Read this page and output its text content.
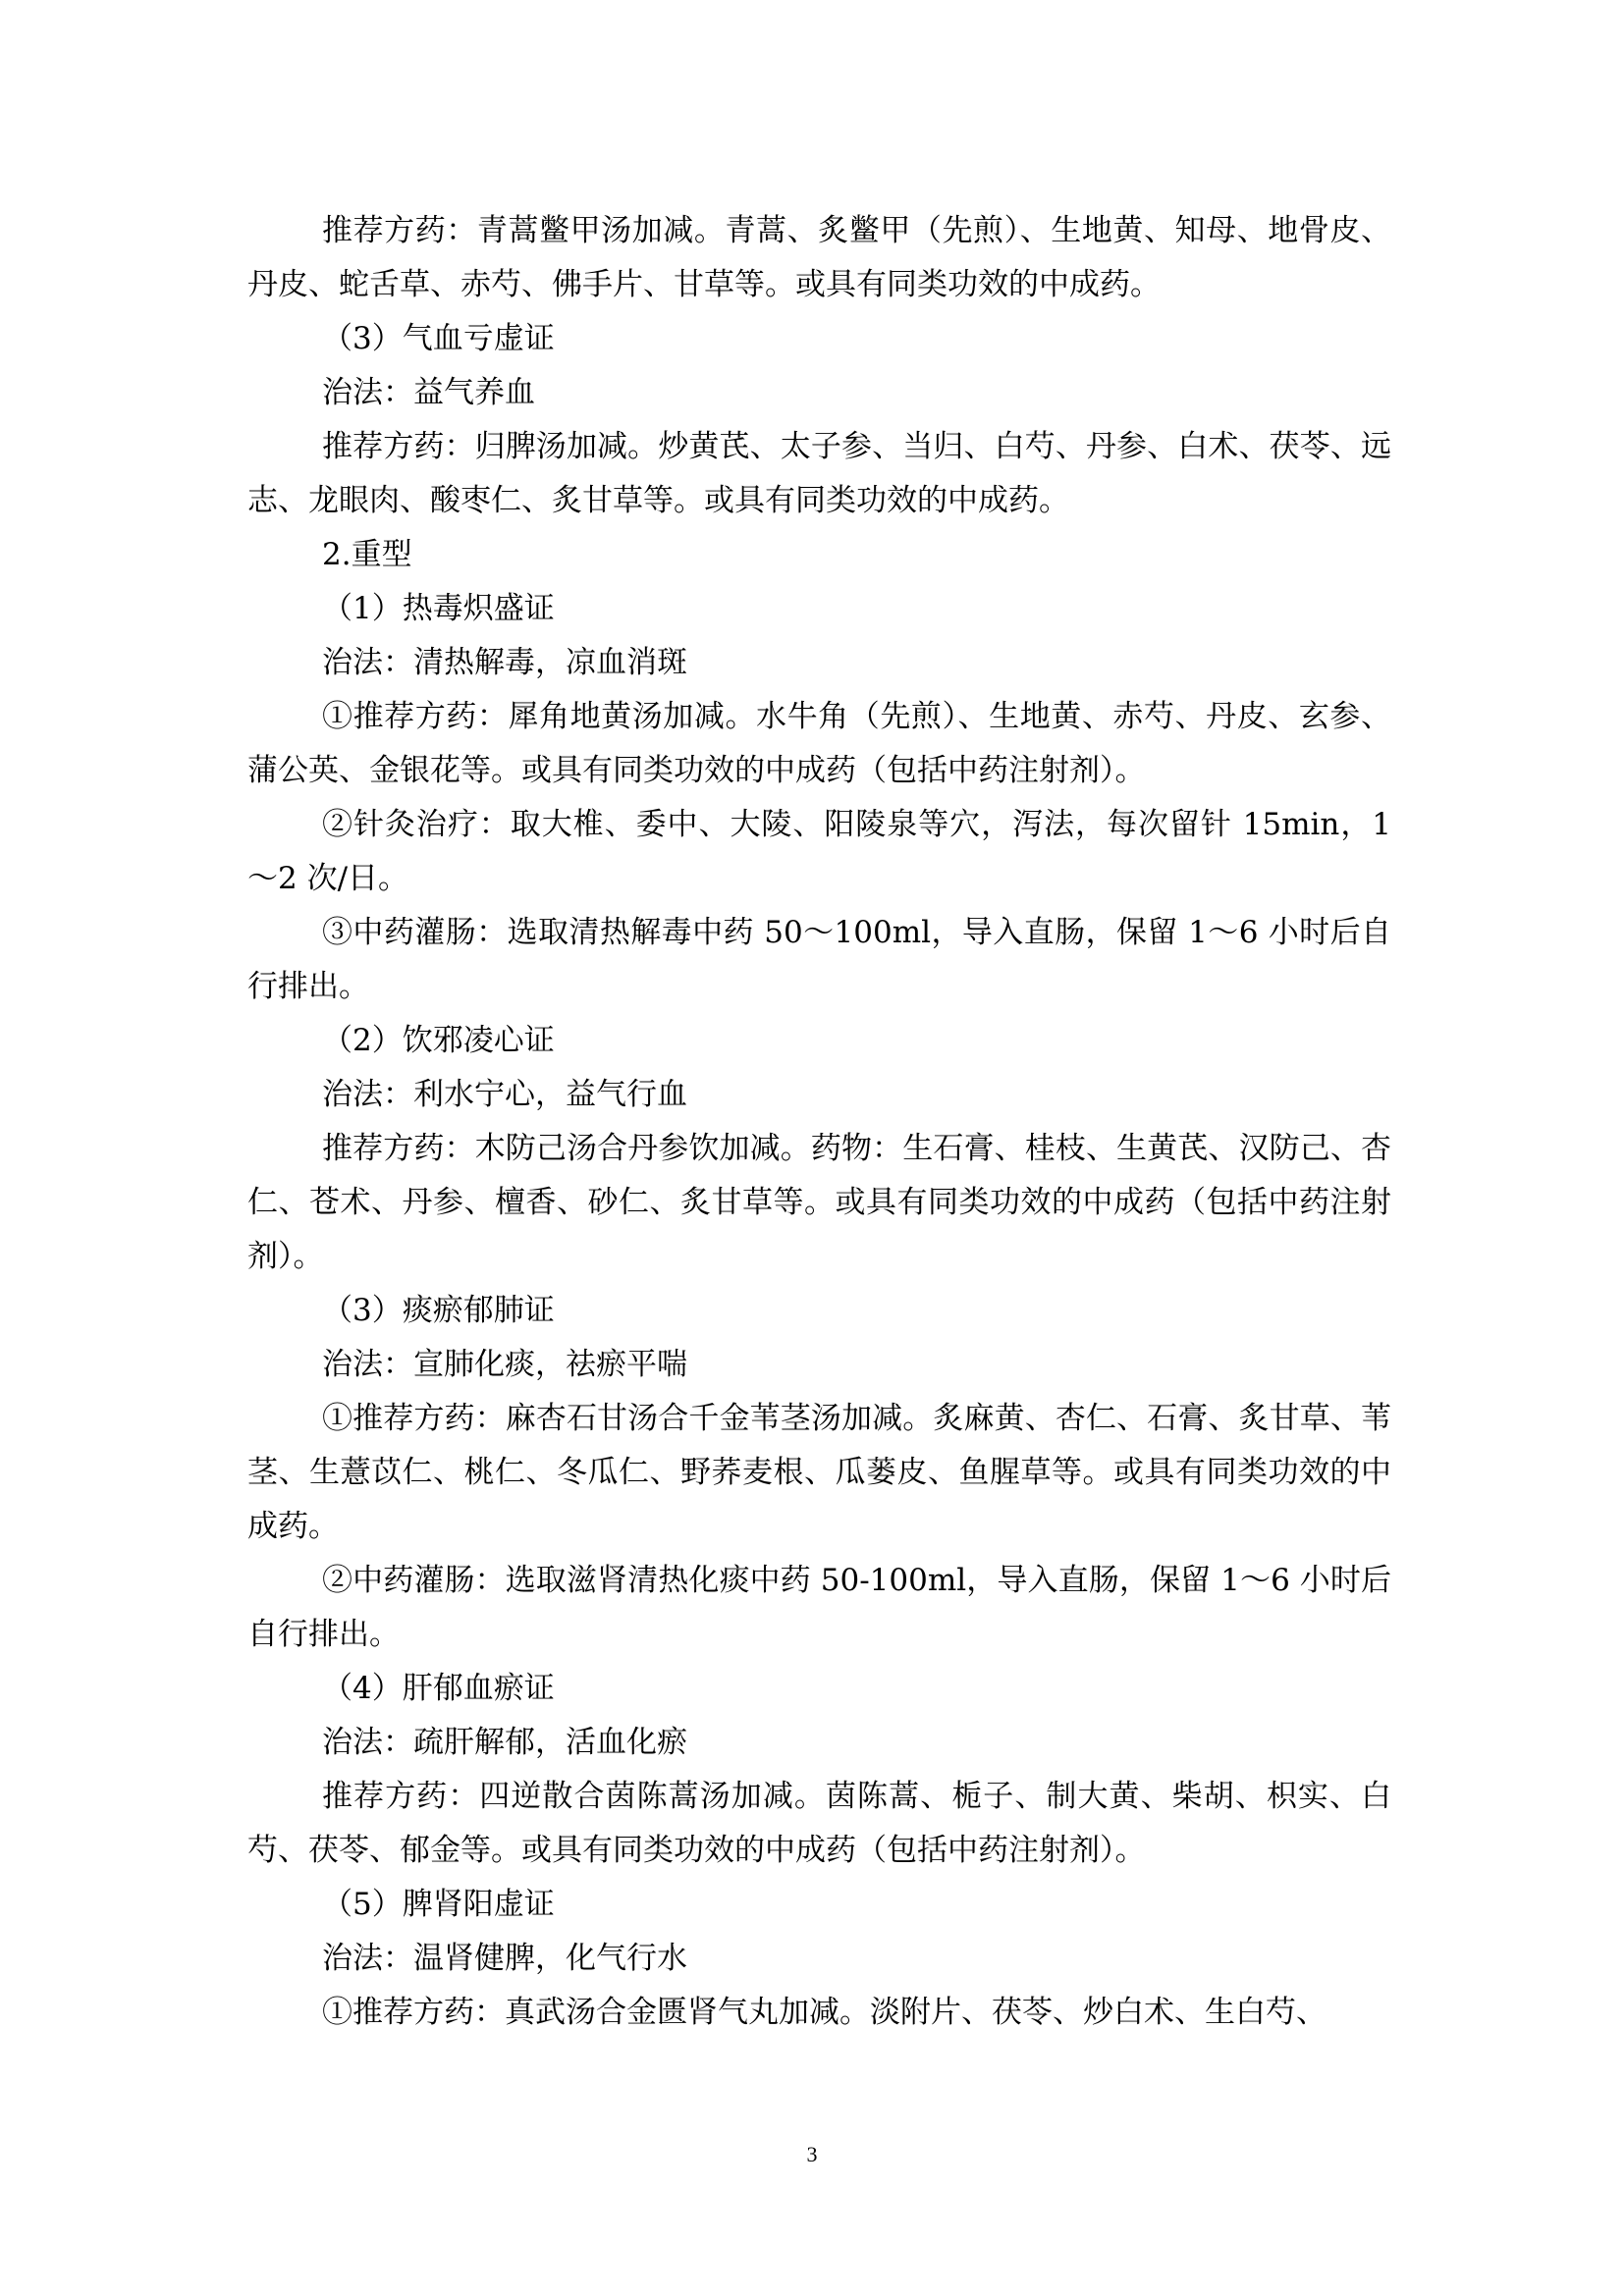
推荐方药：青蒿鳖甲汤加减。青蒿、炙鳖甲（先煎）、生地黄、知母、地骨皮、丹皮、蛇舌草、赤芍、佛手片、甘草等。或具有同类功效的中成药。

（3）气血亏虚证

治法：益气养血

推荐方药：归脾汤加减。炒黄芪、太子参、当归、白芍、丹参、白术、茯苓、远志、龙眼肉、酸枣仁、炙甘草等。或具有同类功效的中成药。

2.重型

（1）热毒炽盛证

治法：清热解毒，凉血消斑

①推荐方药：犀角地黄汤加减。水牛角（先煎）、生地黄、赤芍、丹皮、玄参、蒲公英、金银花等。或具有同类功效的中成药（包括中药注射剂）。

②针灸治疗：取大椎、委中、大陵、阳陵泉等穴，泻法，每次留针 15min，1～2 次/日。

③中药灌肠：选取清热解毒中药 50～100ml，导入直肠，保留 1～6 小时后自行排出。

（2）饮邪凌心证

治法：利水宁心，益气行血

推荐方药：木防己汤合丹参饮加减。药物：生石膏、桂枝、生黄芪、汉防己、杏仁、苍术、丹参、檀香、砂仁、炙甘草等。或具有同类功效的中成药（包括中药注射剂）。

（3）痰瘀郁肺证

治法：宣肺化痰，祛瘀平喘

①推荐方药：麻杏石甘汤合千金苇茎汤加减。炙麻黄、杏仁、石膏、炙甘草、苇茎、生薏苡仁、桃仁、冬瓜仁、野荞麦根、瓜蒌皮、鱼腥草等。或具有同类功效的中成药。

②中药灌肠：选取滋肾清热化痰中药 50-100ml，导入直肠，保留 1～6 小时后自行排出。

（4）肝郁血瘀证

治法：疏肝解郁，活血化瘀

推荐方药：四逆散合茵陈蒿汤加减。茵陈蒿、栀子、制大黄、柴胡、枳实、白芍、茯苓、郁金等。或具有同类功效的中成药（包括中药注射剂）。

（5）脾肾阳虚证

治法：温肾健脾，化气行水

①推荐方药：真武汤合金匮肾气丸加减。淡附片、茯苓、炒白术、生白芍、

3
